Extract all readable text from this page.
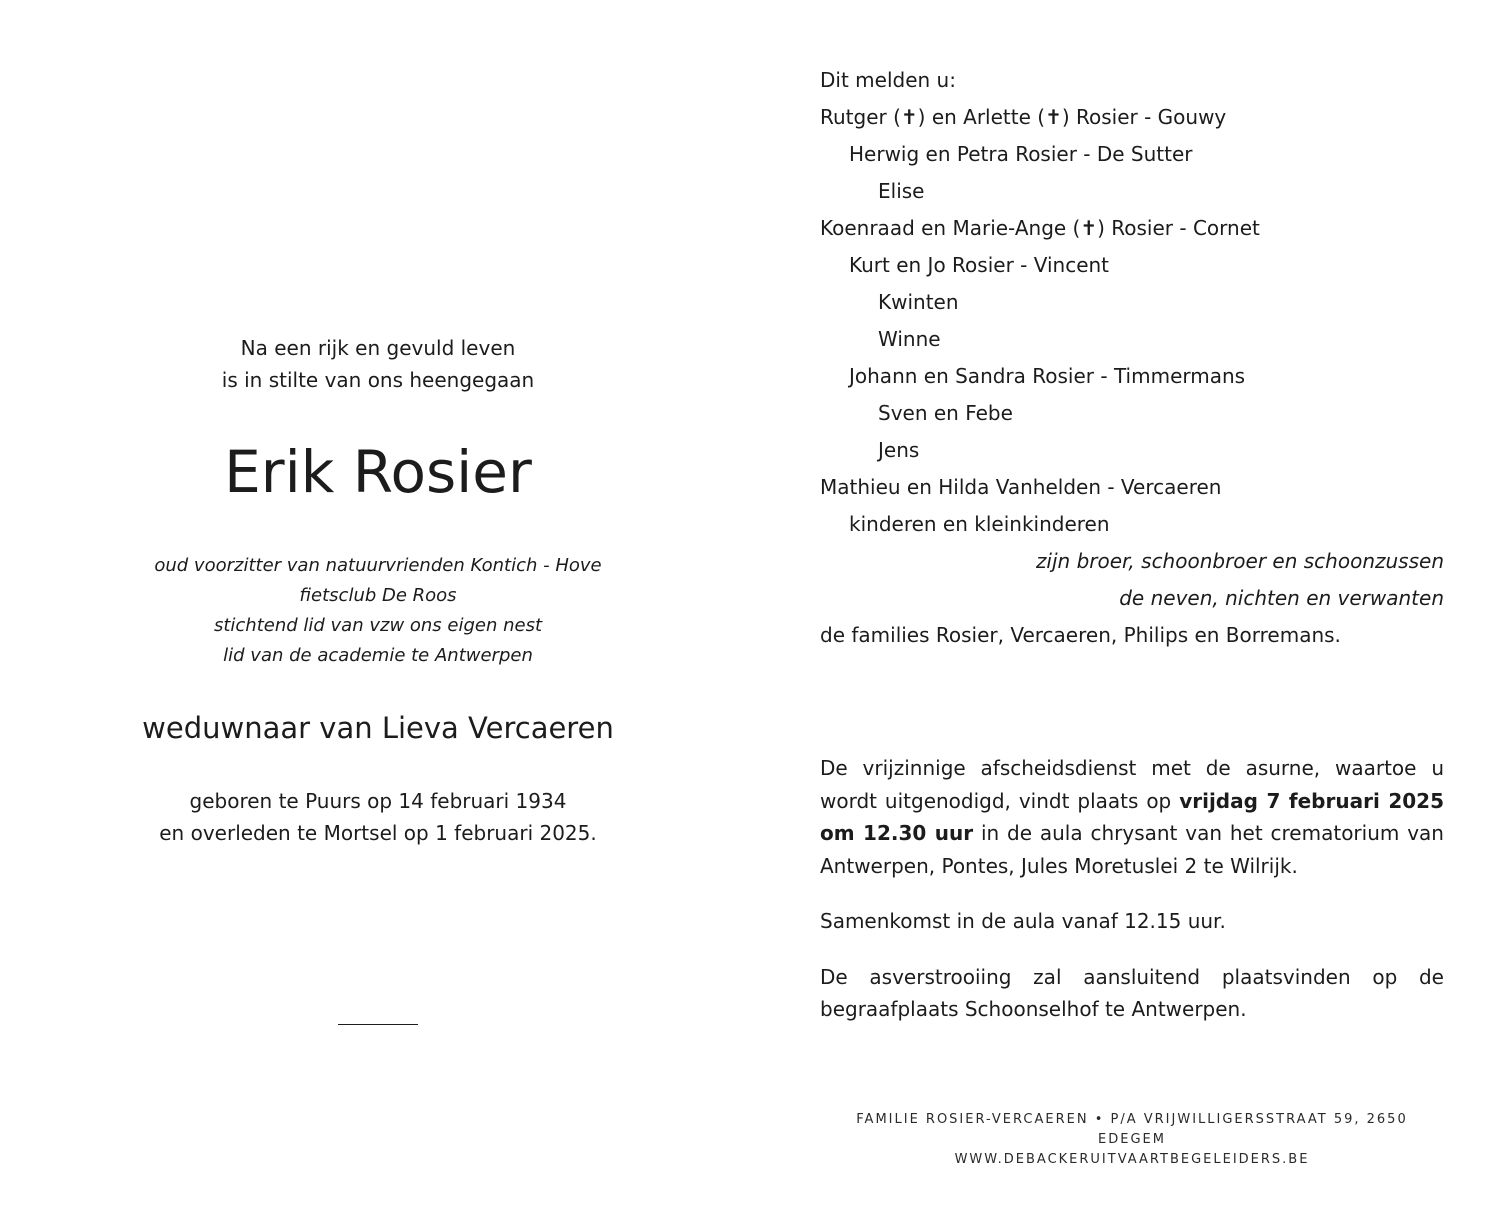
Na een rijk en gevuld leven
is in stilte van ons heengegaan
Erik Rosier
oud voorzitter van natuurvrienden Kontich - Hove
fietsclub De Roos
stichtend lid van vzw ons eigen nest
lid van de academie te Antwerpen
weduwnaar van Lieva Vercaeren
geboren te Puurs op 14 februari 1934
en overleden te Mortsel op 1 februari 2025.
Dit melden u:
Rutger (✝) en Arlette (✝) Rosier - Gouwy
Herwig en Petra Rosier - De Sutter
Elise
Koenraad en Marie-Ange (✝) Rosier - Cornet
Kurt en Jo Rosier - Vincent
Kwinten
Winne
Johann en Sandra Rosier - Timmermans
Sven en Febe
Jens
Mathieu en Hilda Vanhelden - Vercaeren
kinderen en kleinkinderen
zijn broer, schoonbroer en schoonzussen
de neven, nichten en verwanten
de families Rosier, Vercaeren, Philips en Borremans.

De vrijzinnige afscheidsdienst met de asurne, waartoe u wordt uitgenodigd, vindt plaats op vrijdag 7 februari 2025 om 12.30 uur in de aula chrysant van het crematorium van Antwerpen, Pontes, Jules Moretuslei 2 te Wilrijk.

Samenkomst in de aula vanaf 12.15 uur.

De asverstrooiing zal aansluitend plaatsvinden op de begraafplaats Schoonselhof te Antwerpen.

FAMILIE ROSIER-VERCAEREN • P/A VRIJWILLIGERSSTRAAT 59, 2650 EDEGEM
WWW.DEBACKERUITVAARTBEGELEIDERS.BE
